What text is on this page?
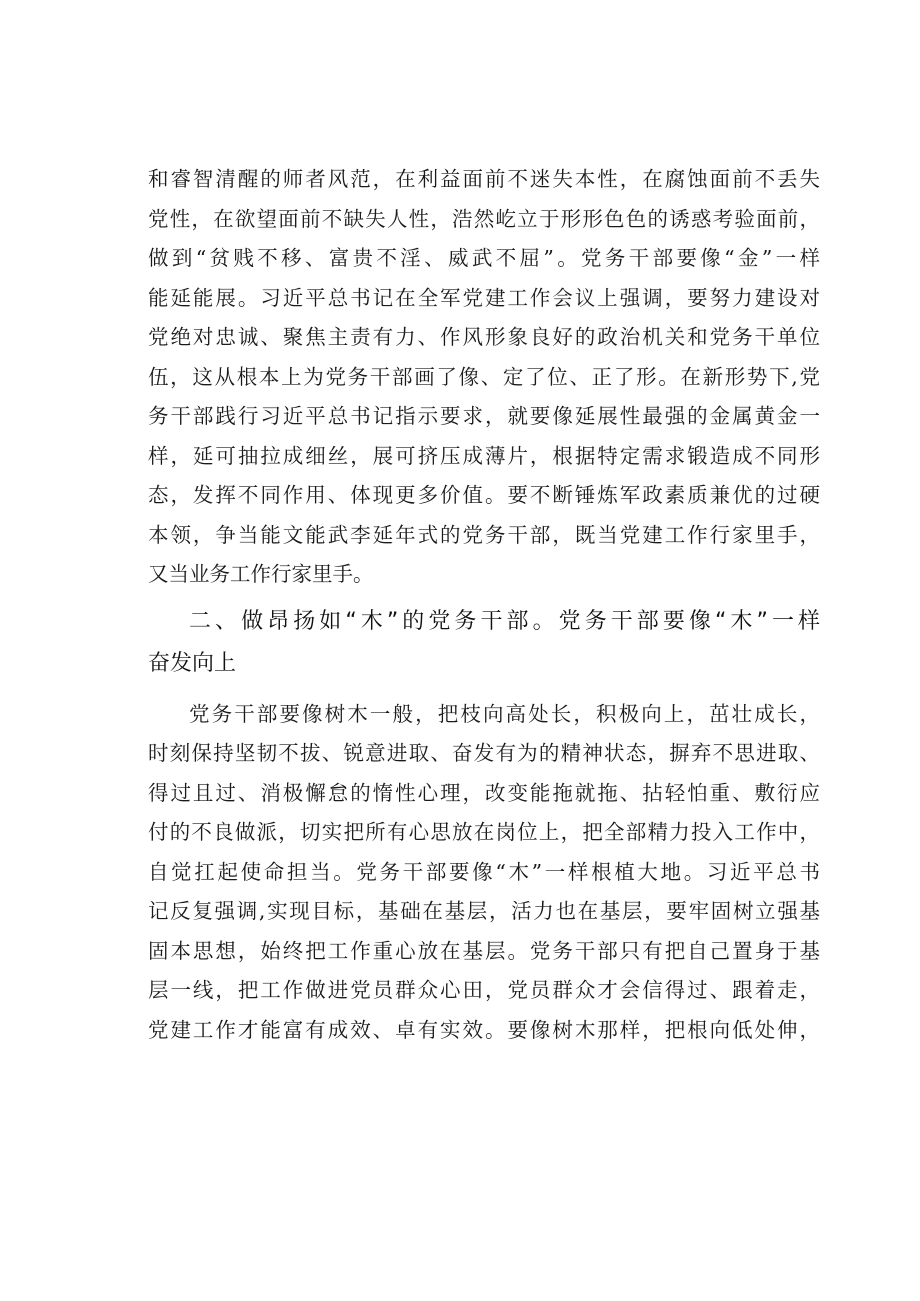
和睿智清醒的师者风范，在利益面前不迷失本性，在腐蚀面前不丢失
党性，在欲望面前不缺失人性，浩然屹立于形形色色的诱惑考验面前，
做到“贫贱不移、富贵不淫、威武不屈”。党务干部要像“金”一样
能延能展。习近平总书记在全军党建工作会议上强调，要努力建设对
党绝对忠诚、聚焦主责有力、作风形象良好的政治机关和党务干单位
伍，这从根本上为党务干部画了像、定了位、正了形。在新形势下,党
务干部践行习近平总书记指示要求，就要像延展性最强的金属黄金一
样，延可抽拉成细丝，展可挤压成薄片，根据特定需求锻造成不同形
态，发挥不同作用、体现更多价值。要不断锤炼军政素质兼优的过硬
本领，争当能文能武李延年式的党务干部，既当党建工作行家里手，
又当业务工作行家里手。
二、做昂扬如“木”的党务干部。党务干部要像“木”一样
奋发向上
党务干部要像树木一般，把枝向高处长，积极向上，茁壮成长，
时刻保持坚韧不拔、锐意进取、奋发有为的精神状态，摒弃不思进取、
得过且过、消极懈怠的惰性心理，改变能拖就拖、拈轻怕重、敷衍应
付的不良做派，切实把所有心思放在岗位上，把全部精力投入工作中，
自觉扛起使命担当。党务干部要像“木”一样根植大地。习近平总书
记反复强调,实现目标，基础在基层，活力也在基层，要牢固树立强基
固本思想，始终把工作重心放在基层。党务干部只有把自己置身于基
层一线，把工作做进党员群众心田，党员群众才会信得过、跟着走，
党建工作才能富有成效、卓有实效。要像树木那样，把根向低处伸，
